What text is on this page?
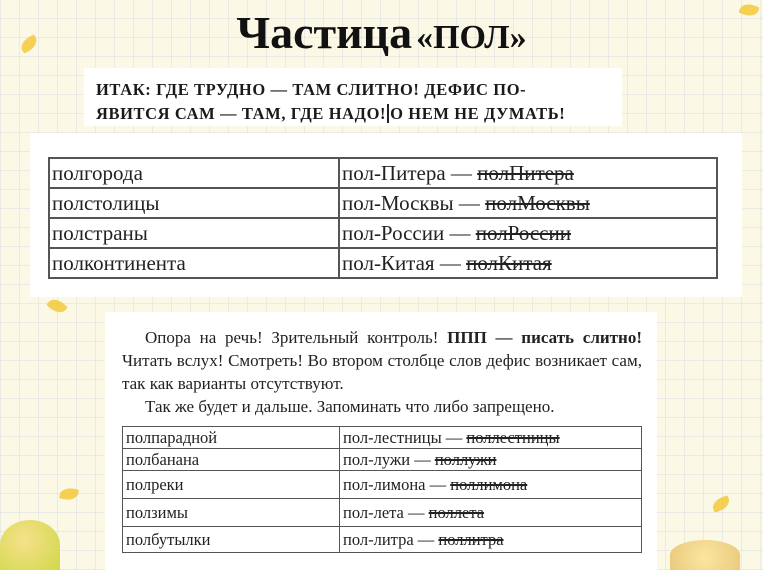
Частица «ПОЛ»
ИТАК: ГДЕ ТРУДНО — ТАМ СЛИТНО! ДЕФИС ПО-
ЯВИТСЯ САМ — ТАМ, ГДЕ НАДО! О НЕМ НЕ ДУМАТЬ!
полгорода	пол-Питера — полПитера
полстолицы	пол-Москвы — полМосквы
полстраны	пол-России — полРоссии
полконтинента	пол-Китая — полКитая

Опора на речь! Зрительный контроль! ППП — писать слитно! Читать вслух! Смотреть! Во втором столбце слов дефис возникает сам, так как варианты отсутствуют.

Так же будет и дальше. Запоминать что либо запрещено.

полпарадной	пол-лестницы — поллестницы
полбанана	пол-лужи — поллужи
полреки	пол-лимона — поллимона
ползимы	пол-лета — поллета
полбутылки	пол-литра — поллитра
